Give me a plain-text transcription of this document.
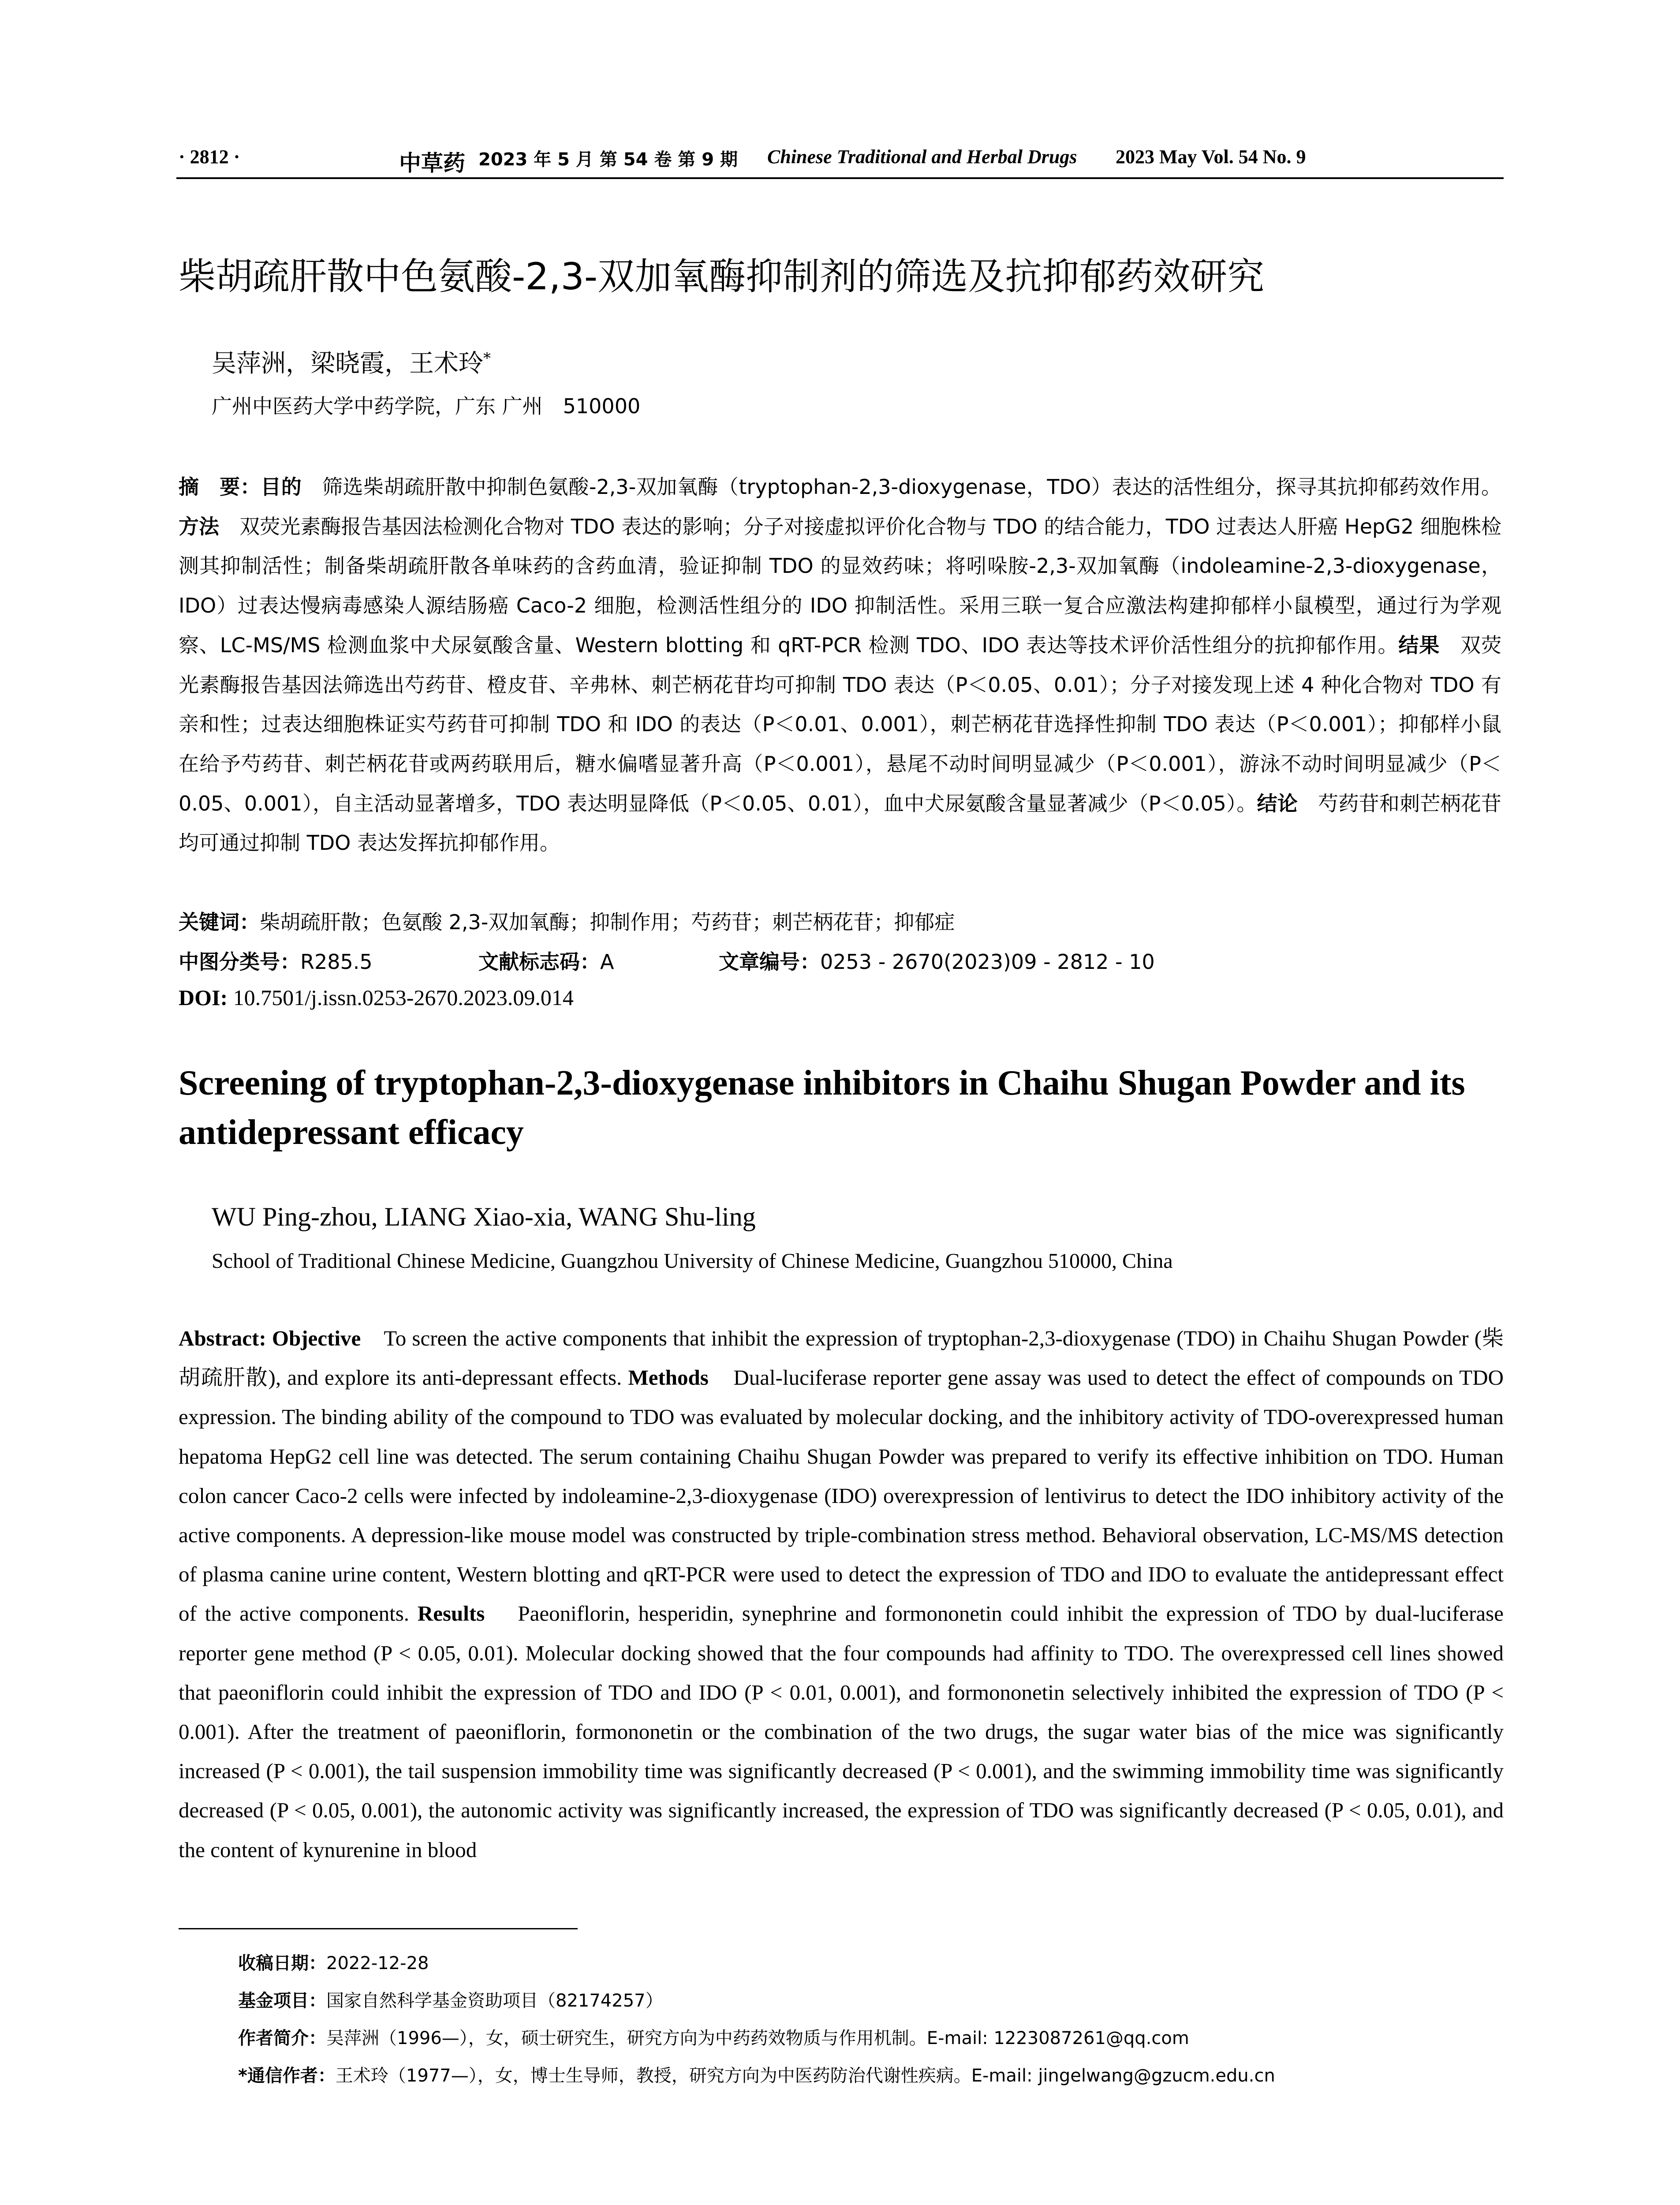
· 2812 ·	中草药 2023 年 5 月 第 54 卷 第 9 期 Chinese Traditional and Herbal Drugs 2023 May Vol. 54 No. 9
柴胡疏肝散中色氨酸-2,3-双加氧酶抑制剂的筛选及抗抑郁药效研究
吴萍洲，梁晓霞，王术玲*
广州中医药大学中药学院，广东 广州　510000
摘　要：目的　 筛选柴胡疏肝散中抑制色氨酸-2,3-双加氧酶（tryptophan-2,3-dioxygenase，TDO）表达的活性组分，探寻其抗抑郁药效作用。方法　 双荧光素酶报告基因法检测化合物对 TDO 表达的影响；分子对接虚拟评价化合物与 TDO 的结合能力，TDO 过表达人肝癌 HepG2 细胞株检测其抑制活性；制备柴胡疏肝散各单味药的含药血清，验证抑制 TDO 的显效药味；将吲哚胺-2,3-双加氧酶（indoleamine-2,3-dioxygenase，IDO）过表达慢病毒感染人源结肠癌 Caco-2 细胞，检测活性组分的 IDO 抑制活性。采用三联一复合应激法构建抑郁样小鼠模型，通过行为学观察、LC-MS/MS 检测血浆中犬尿氨酸含量、Western blotting 和 qRT-PCR 检测 TDO、IDO 表达等技术评价活性组分的抗抑郁作用。结果　 双荧光素酶报告基因法筛选出芍药苷、橙皮苷、辛弗林、刺芒柄花苷均可抑制 TDO 表达（P＜0.05、0.01）；分子对接发现上述 4 种化合物对 TDO 有亲和性；过表达细胞株证实芍药苷可抑制 TDO 和 IDO 的表达（P＜0.01、0.001），刺芒柄花苷选择性抑制 TDO 表达（P＜0.001）；抑郁样小鼠在给予芍药苷、刺芒柄花苷或两药联用后，糖水偏嗜显著升高（P＜0.001），悬尾不动时间明显减少（P＜0.001），游泳不动时间明显减少（P＜0.05、0.001），自主活动显著增多，TDO 表达明显降低（P＜0.05、0.01），血中犬尿氨酸含量显著减少（P＜0.05）。结论　 芍药苷和刺芒柄花苷均可通过抑制 TDO 表达发挥抗抑郁作用。
关键词：柴胡疏肝散；色氨酸 2,3-双加氧酶；抑制作用；芍药苷；刺芒柄花苷；抑郁症
中图分类号：R285.5	文献标志码：A	文章编号：0253 - 2670(2023)09 - 2812 - 10
DOI: 10.7501/j.issn.0253-2670.2023.09.014
Screening of tryptophan-2,3-dioxygenase inhibitors in Chaihu Shugan Powder and its antidepressant efficacy
WU Ping-zhou, LIANG Xiao-xia, WANG Shu-ling
School of Traditional Chinese Medicine, Guangzhou University of Chinese Medicine, Guangzhou 510000, China
Abstract: Objective To screen the active components that inhibit the expression of tryptophan-2,3-dioxygenase (TDO) in Chaihu Shugan Powder (柴胡疏肝散), and explore its anti-depressant effects. Methods Dual-luciferase reporter gene assay was used to detect the effect of compounds on TDO expression. The binding ability of the compound to TDO was evaluated by molecular docking, and the inhibitory activity of TDO-overexpressed human hepatoma HepG2 cell line was detected. The serum containing Chaihu Shugan Powder was prepared to verify its effective inhibition on TDO. Human colon cancer Caco-2 cells were infected by indoleamine-2,3-dioxygenase (IDO) overexpression of lentivirus to detect the IDO inhibitory activity of the active components. A depression-like mouse model was constructed by triple-combination stress method. Behavioral observation, LC-MS/MS detection of plasma canine urine content, Western blotting and qRT-PCR were used to detect the expression of TDO and IDO to evaluate the antidepressant effect of the active components. Results Paeoniflorin, hesperidin, synephrine and formononetin could inhibit the expression of TDO by dual-luciferase reporter gene method (P < 0.05, 0.01). Molecular docking showed that the four compounds had affinity to TDO. The overexpressed cell lines showed that paeoniflorin could inhibit the expression of TDO and IDO (P < 0.01, 0.001), and formononetin selectively inhibited the expression of TDO (P < 0.001). After the treatment of paeoniflorin, formononetin or the combination of the two drugs, the sugar water bias of the mice was significantly increased (P < 0.001), the tail suspension immobility time was significantly decreased (P < 0.001), and the swimming immobility time was significantly decreased (P < 0.05, 0.001), the autonomic activity was significantly increased, the expression of TDO was significantly decreased (P < 0.05, 0.01), and the content of kynurenine in blood
收稿日期：2022-12-28
基金项目：国家自然科学基金资助项目（82174257）
作者简介：吴萍洲（1996—），女，硕士研究生，研究方向为中药药效物质与作用机制。E-mail: 1223087261@qq.com
*通信作者：王术玲（1977—），女，博士生导师，教授，研究方向为中医药防治代谢性疾病。E-mail: jingelwang@gzucm.edu.cn
